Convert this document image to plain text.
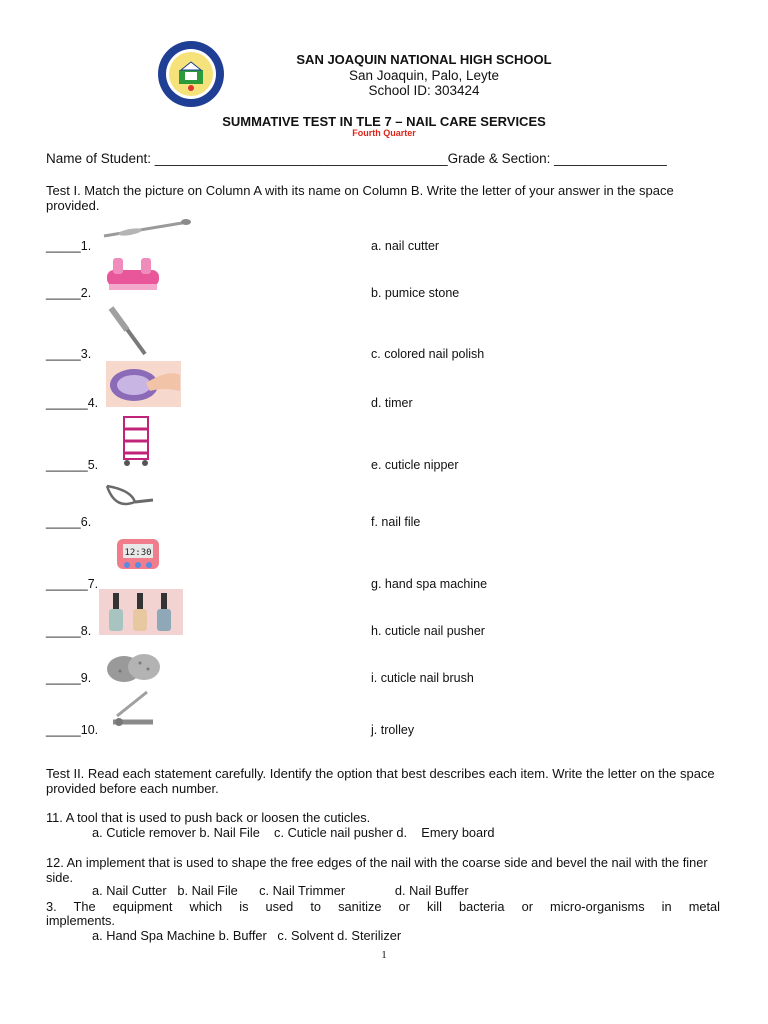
SAN JOAQUIN NATIONAL HIGH SCHOOL
San Joaquin, Palo, Leyte
School ID: 303424
SUMMATIVE TEST IN TLE 7 – NAIL CARE SERVICES
Fourth Quarter
Name of Student: _______________________________________Grade & Section: _______________
Test I. Match the picture on Column A with its name on Column B. Write the letter of your answer in the space provided.
_____1.
_____2.
_____3.
______4.
______5.
_____6.
______7.
_____8.
_____9.
_____10.
a. nail cutter
b. pumice stone
c. colored nail polish
d. timer
e. cuticle nipper
f. nail file
g. hand spa machine
h. cuticle nail pusher
i. cuticle nail brush
j. trolley
12:30
Test II. Read each statement carefully. Identify the option that best describes each item. Write the letter on the space provided before each number.
11. A tool that is used to push back or loosen the cuticles.
a. Cuticle remover b. Nail File    c. Cuticle nail pusher d.    Emery board
12. An implement that is used to shape the free edges of the nail with the coarse side and bevel the nail with the finer side.
a. Nail Cutter   b. Nail File      c. Nail Trimmer              d. Nail Buffer
3. The equipment which is used to sanitize or kill bacteria or micro-organisms in metal
implements.
a. Hand Spa Machine b. Buffer   c. Solvent d. Sterilizer
1
